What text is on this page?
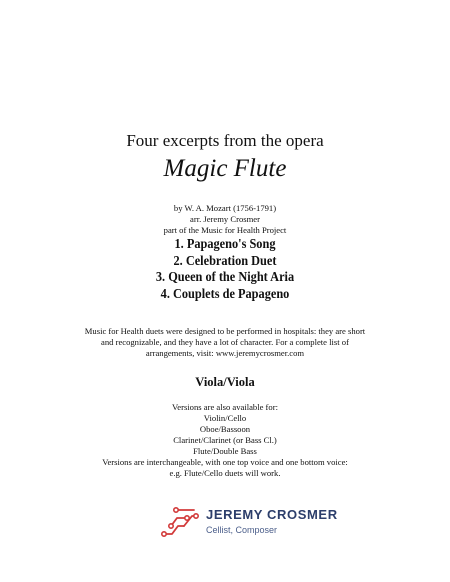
Four excerpts from the opera
Magic Flute
by W. A. Mozart (1756-1791)
arr. Jeremy Crosmer
part of the Music for Health Project
1. Papageno's Song
2. Celebration Duet
3. Queen of the Night Aria
4. Couplets de Papageno
Music for Health duets were designed to be performed in hospitals: they are short
and recognizable, and they have a lot of character. For a complete list of
arrangements, visit: www.jeremycrosmer.com
Viola/Viola
Versions are also available for:
Violin/Cello
Oboe/Bassoon
Clarinet/Clarinet (or Bass Cl.)
Flute/Double Bass
Versions are interchangeable, with one top voice and one bottom voice:
e.g. Flute/Cello duets will work.
JEREMY CROSMER
Cellist, Composer
